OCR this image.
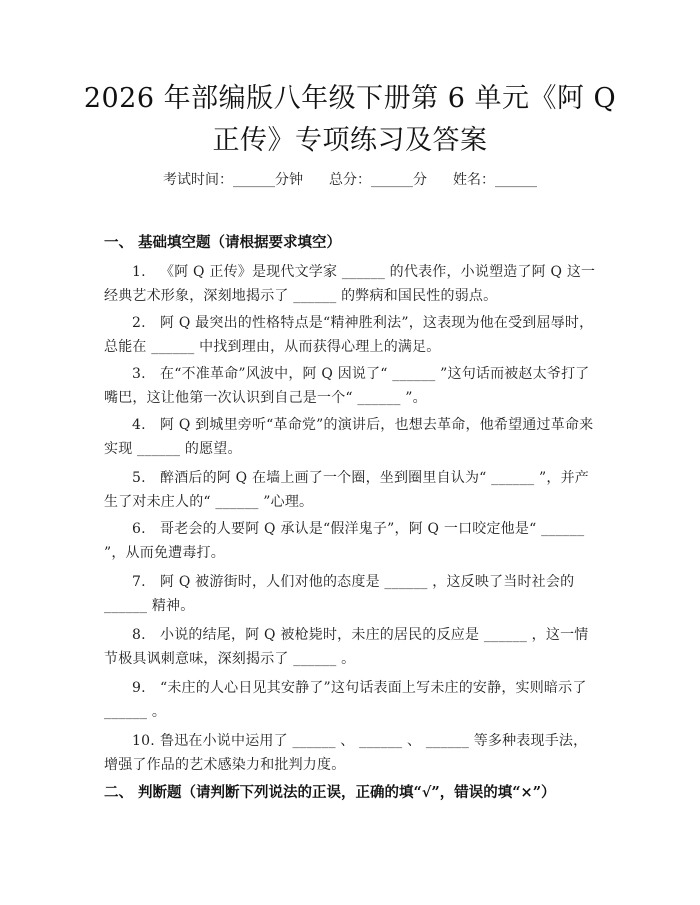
2026 年部编版八年级下册第 6 单元《阿 Q 正传》专项练习及答案
考试时间：______分钟 总分：______分 姓名：______
一、 基础填空题（请根据要求填空）
1. 《阿 Q 正传》是现代文学家 ______ 的代表作，小说塑造了阿 Q 这一经典艺术形象，深刻地揭示了 ______ 的弊病和国民性的弱点。
2. 阿 Q 最突出的性格特点是“精神胜利法”，这表现为他在受到屈辱时，总能在 ______ 中找到理由，从而获得心理上的满足。
3. 在“不准革命”风波中，阿 Q 因说了“ ______ ”这句话而被赵太爷打了嘴巴，这让他第一次认识到自己是一个“ ______ ”。
4. 阿 Q 到城里旁听“革命党”的演讲后，也想去革命，他希望通过革命来实现 ______ 的愿望。
5. 醉酒后的阿 Q 在墙上画了一个圈，坐到圈里自认为“ ______ ”，并产生了对未庄人的“ ______ ”心理。
6. 哥老会的人要阿 Q 承认是“假洋鬼子”，阿 Q 一口咬定他是“ ______ ”，从而免遭毒打。
7. 阿 Q 被游街时，人们对他的态度是 ______ ，这反映了当时社会的 ______ 精神。
8. 小说的结尾，阿 Q 被枪毙时，未庄的居民的反应是 ______ ，这一情节极具讽刺意味，深刻揭示了 ______ 。
9. “未庄的人心日见其安静了”这句话表面上写未庄的安静，实则暗示了 ______ 。
10. 鲁迅在小说中运用了 ______ 、 ______ 、 ______ 等多种表现手法，增强了作品的艺术感染力和批判力度。
二、 判断题（请判断下列说法的正误，正确的填“√”，错误的填“×”）
